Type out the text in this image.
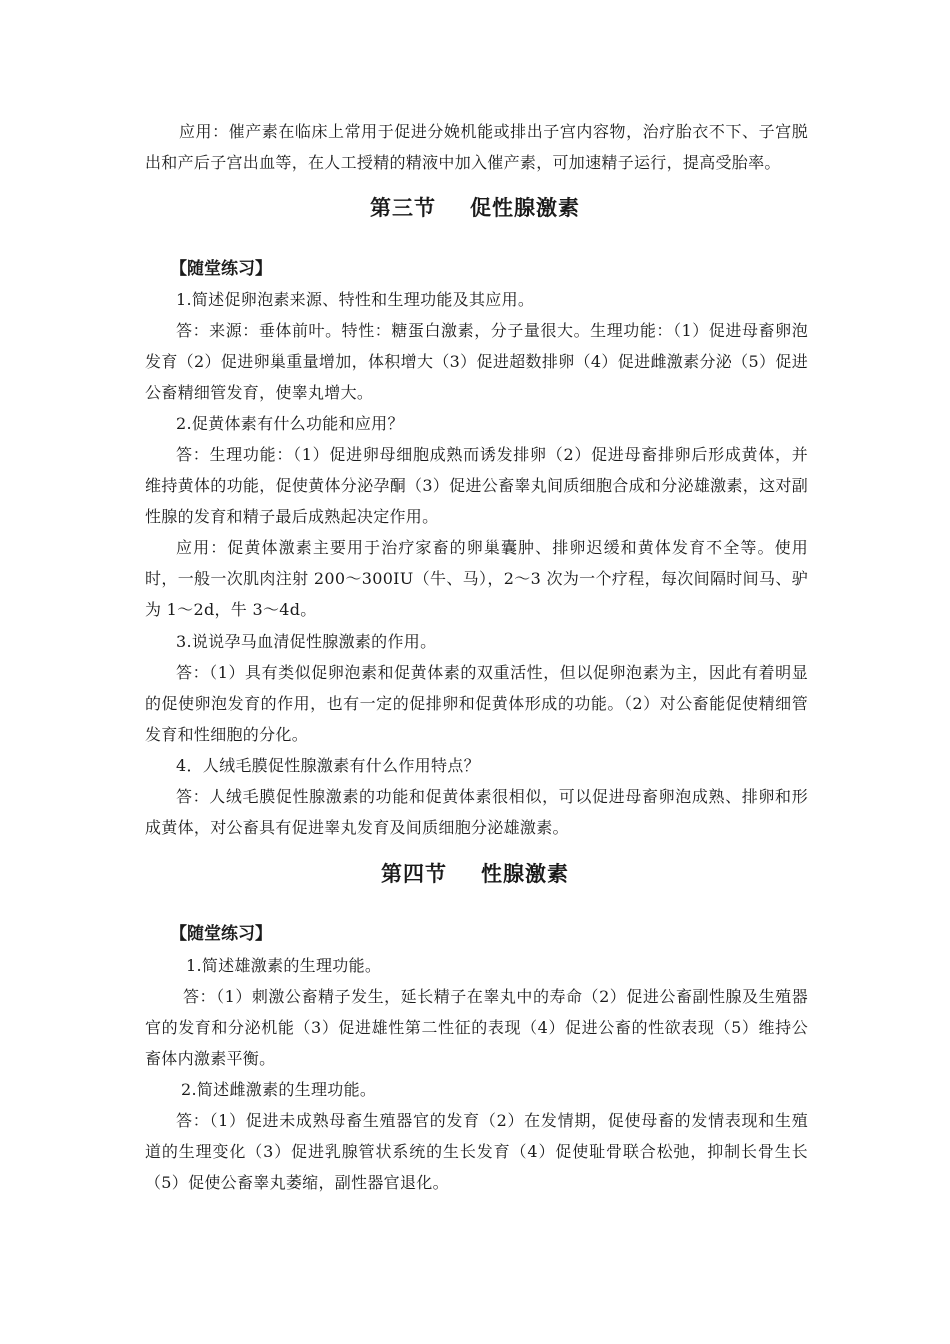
应用：催产素在临床上常用于促进分娩机能或排出子宫内容物，治疗胎衣不下、子宫脱出和产后子宫出血等，在人工授精的精液中加入催产素，可加速精子运行，提高受胎率。

第三节 促性腺激素

【随堂练习】

1.简述促卵泡素来源、特性和生理功能及其应用。

答：来源：垂体前叶。特性：糖蛋白激素，分子量很大。生理功能：（1）促进母畜卵泡发育（2）促进卵巢重量增加，体积增大（3）促进超数排卵（4）促进雌激素分泌（5）促进公畜精细管发育，使睾丸增大。

2.促黄体素有什么功能和应用？

答：生理功能：（1）促进卵母细胞成熟而诱发排卵（2）促进母畜排卵后形成黄体，并维持黄体的功能，促使黄体分泌孕酮（3）促进公畜睾丸间质细胞合成和分泌雄激素，这对副性腺的发育和精子最后成熟起决定作用。

应用：促黄体激素主要用于治疗家畜的卵巢囊肿、排卵迟缓和黄体发育不全等。使用时，一般一次肌肉注射 200～300IU（牛、马），2～3 次为一个疗程，每次间隔时间马、驴为 1～2d，牛 3～4d。

3.说说孕马血清促性腺激素的作用。

答：（1）具有类似促卵泡素和促黄体素的双重活性，但以促卵泡素为主，因此有着明显的促使卵泡发育的作用，也有一定的促排卵和促黄体形成的功能。（2）对公畜能促使精细管发育和性细胞的分化。

4．人绒毛膜促性腺激素有什么作用特点？

答：人绒毛膜促性腺激素的功能和促黄体素很相似，可以促进母畜卵泡成熟、排卵和形成黄体，对公畜具有促进睾丸发育及间质细胞分泌雄激素。

第四节 性腺激素

【随堂练习】

1.简述雄激素的生理功能。

答：（1）刺激公畜精子发生，延长精子在睾丸中的寿命（2）促进公畜副性腺及生殖器官的发育和分泌机能（3）促进雄性第二性征的表现（4）促进公畜的性欲表现（5）维持公畜体内激素平衡。

2.简述雌激素的生理功能。

答：（1）促进未成熟母畜生殖器官的发育（2）在发情期，促使母畜的发情表现和生殖道的生理变化（3）促进乳腺管状系统的生长发育（4）促使耻骨联合松弛，抑制长骨生长（5）促使公畜睾丸萎缩，副性器官退化。
